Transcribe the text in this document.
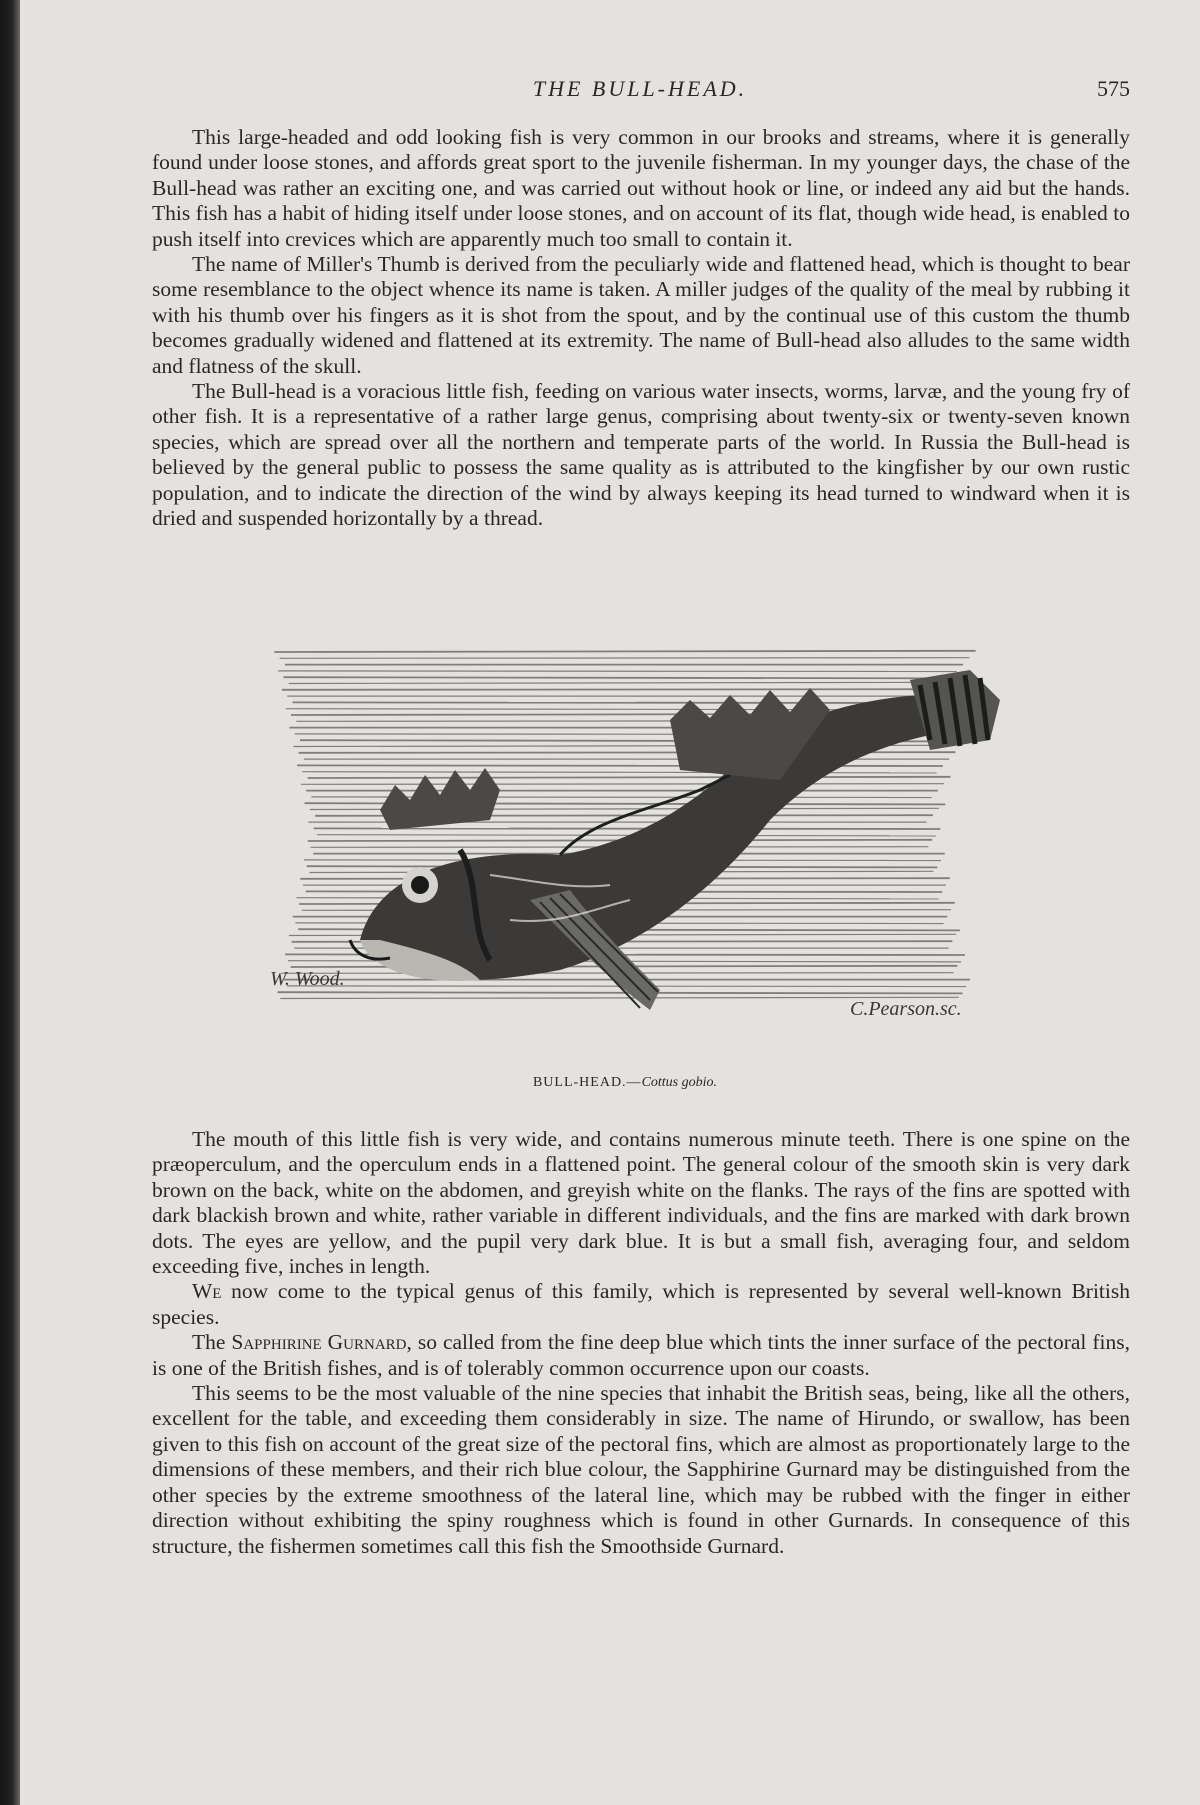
THE BULL-HEAD.	575

This large-headed and odd looking fish is very common in our brooks and streams, where it is generally found under loose stones, and affords great sport to the juvenile fisherman. In my younger days, the chase of the Bull-head was rather an exciting one, and was carried out without hook or line, or indeed any aid but the hands. This fish has a habit of hiding itself under loose stones, and on account of its flat, though wide head, is enabled to push itself into crevices which are apparently much too small to contain it.

The name of Miller's Thumb is derived from the peculiarly wide and flattened head, which is thought to bear some resemblance to the object whence its name is taken. A miller judges of the quality of the meal by rubbing it with his thumb over his fingers as it is shot from the spout, and by the continual use of this custom the thumb becomes gradually widened and flattened at its extremity. The name of Bull-head also alludes to the same width and flatness of the skull.

The Bull-head is a voracious little fish, feeding on various water insects, worms, larvæ, and the young fry of other fish. It is a representative of a rather large genus, comprising about twenty-six or twenty-seven known species, which are spread over all the northern and temperate parts of the world. In Russia the Bull-head is believed by the general public to possess the same quality as is attributed to the kingfisher by our own rustic population, and to indicate the direction of the wind by always keeping its head turned to windward when it is dried and suspended horizontally by a thread.

W. Wood.
C.Pearson.sc.
BULL-HEAD.—Cottus gobio.

The mouth of this little fish is very wide, and contains numerous minute teeth. There is one spine on the præoperculum, and the operculum ends in a flattened point. The general colour of the smooth skin is very dark brown on the back, white on the abdomen, and greyish white on the flanks. The rays of the fins are spotted with dark blackish brown and white, rather variable in different individuals, and the fins are marked with dark brown dots. The eyes are yellow, and the pupil very dark blue. It is but a small fish, averaging four, and seldom exceeding five, inches in length.

We now come to the typical genus of this family, which is represented by several well-known British species.

The Sapphirine Gurnard, so called from the fine deep blue which tints the inner surface of the pectoral fins, is one of the British fishes, and is of tolerably common occurrence upon our coasts.

This seems to be the most valuable of the nine species that inhabit the British seas, being, like all the others, excellent for the table, and exceeding them considerably in size. The name of Hirundo, or swallow, has been given to this fish on account of the great size of the pectoral fins, which are almost as proportionately large to the dimensions of these members, and their rich blue colour, the Sapphirine Gurnard may be distinguished from the other species by the extreme smoothness of the lateral line, which may be rubbed with the finger in either direction without exhibiting the spiny roughness which is found in other Gurnards. In consequence of this structure, the fishermen sometimes call this fish the Smoothside Gurnard.
